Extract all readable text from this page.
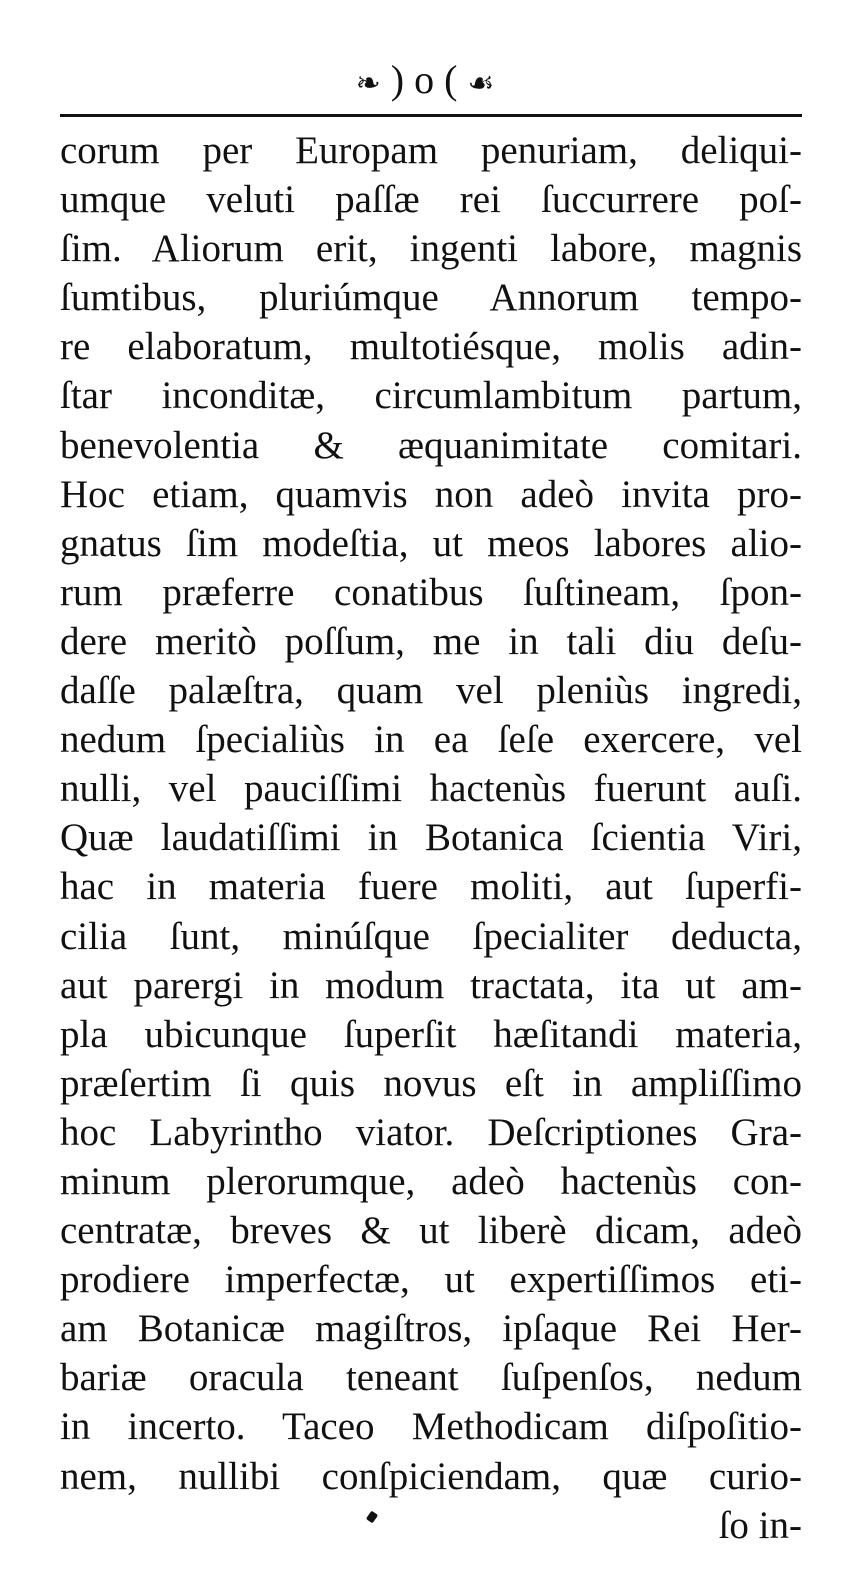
❧ ) o ( ☙
corum per Europam penuriam, deliqui-
umque veluti paſſæ rei ſuccurrere poſ-
ſim. Aliorum erit, ingenti labore, magnis
ſumtibus, pluriúmque Annorum tempo-
re elaboratum, multotiésque, molis adin-
ſtar inconditæ, circumlambitum partum,
benevolentia & æquanimitate comitari.
Hoc etiam, quamvis non adeò invita pro-
gnatus ſim modeſtia, ut meos labores alio-
rum præferre conatibus ſuſtineam, ſpon-
dere meritò poſſum, me in tali diu deſu-
daſſe palæſtra, quam vel pleniùs ingredi,
nedum ſpecialiùs in ea ſeſe exercere, vel
nulli, vel pauciſſimi hactenùs fuerunt auſi.
Quæ laudatiſſimi in Botanica ſcientia Viri,
hac in materia fuere moliti, aut ſuperfi-
cilia ſunt, minúſque ſpecialiter deducta,
aut parergi in modum tractata, ita ut am-
pla ubicunque ſuperſit hæſitandi materia,
præſertim ſi quis novus eſt in ampliſſimo
hoc Labyrintho viator. Deſcriptiones Gra-
minum plerorumque, adeò hactenùs con-
centratæ, breves & ut liberè dicam, adeò
prodiere imperfectæ, ut expertiſſimos eti-
am Botanicæ magiſtros, ipſaque Rei Her-
bariæ oracula teneant ſuſpenſos, nedum
in incerto. Taceo Methodicam diſpoſitio-
nem, nullibi conſpiciendam, quæ curio-
ſo in-
